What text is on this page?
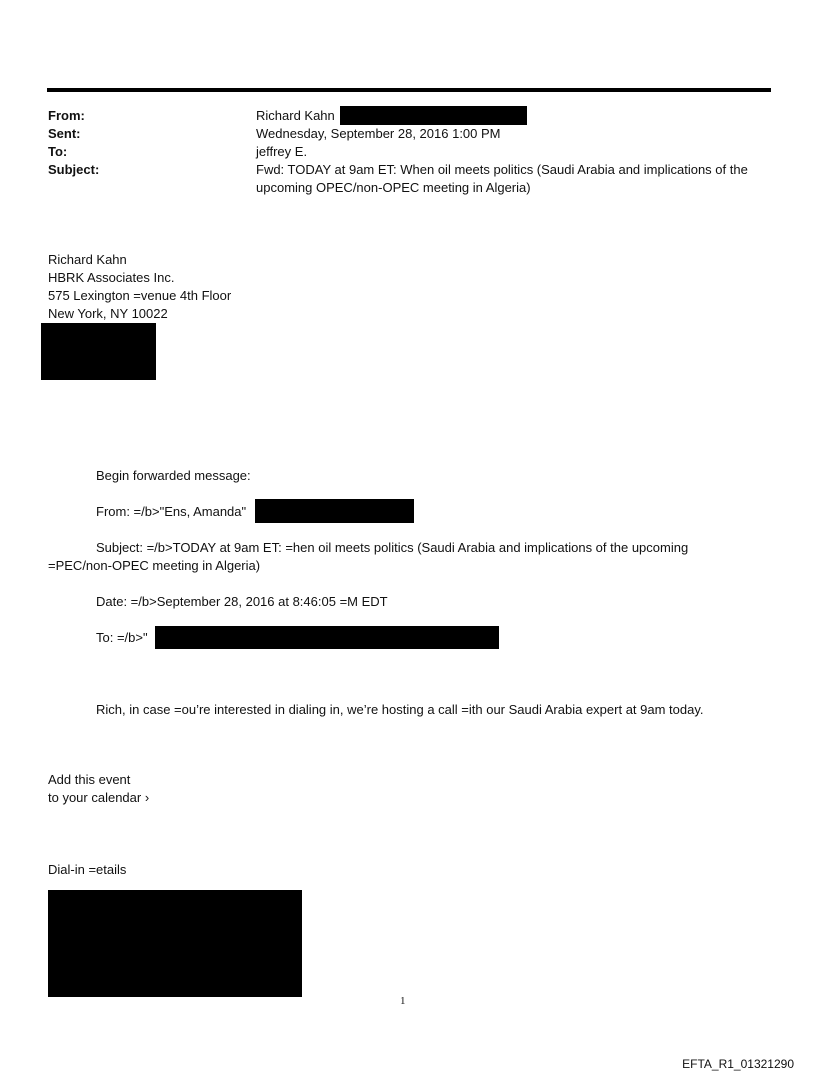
From:	Richard Kahn
Sent:	Wednesday, September 28, 2016 1:00 PM
To:	jeffrey E.
Subject:	Fwd: TODAY at 9am ET: When oil meets politics (Saudi Arabia and implications of the upcoming OPEC/non-OPEC meeting in Algeria)
Richard Kahn
HBRK Associates Inc.
575 Lexington =venue 4th Floor
New York, NY 10022
Begin forwarded message:
From: =/b>"Ens, Amanda"
Subject: =/b>TODAY at 9am ET: =hen oil meets politics (Saudi Arabia and implications of the upcoming =PEC/non-OPEC meeting in Algeria)
Date: =/b>September 28, 2016 at 8:46:05 =M EDT
To: =/b>"
Rich, in case =ou’re interested in dialing in, we’re hosting a call =ith our Saudi Arabia expert at 9am today.
Add this event
to your calendar ›
Dial-in =etails
1
EFTA_R1_01321290
